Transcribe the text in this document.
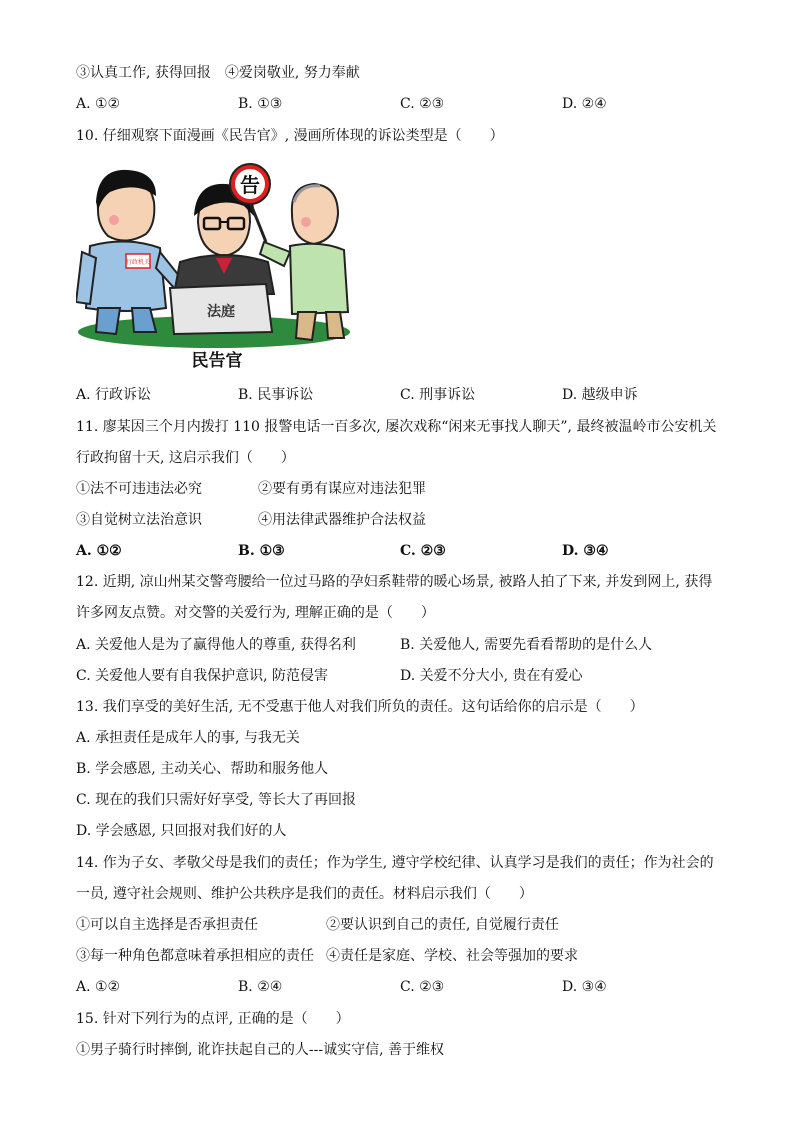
③认真工作, 获得回报　④爱岗敬业, 努力奉献
A. ①②	B. ①③	C. ②③	D. ②④
10. 仔细观察下面漫画《民告官》, 漫画所体现的诉讼类型是（　　）
行政机关
法庭
告
民告官
A. 行政诉讼	B. 民事诉讼	C. 刑事诉讼	D. 越级申诉
11. 廖某因三个月内拨打 110 报警电话一百多次, 屡次戏称“闲来无事找人聊天”, 最终被温岭市公安机关
行政拘留十天, 这启示我们（　　）
①法不可违违法必究	②要有勇有谋应对违法犯罪
③自觉树立法治意识	④用法律武器维护合法权益
A. ①②	B. ①③	C. ②③	D. ③④
12. 近期, 凉山州某交警弯腰给一位过马路的孕妇系鞋带的暖心场景, 被路人拍了下来, 并发到网上, 获得
许多网友点赞。对交警的关爱行为, 理解正确的是（　　）
A. 关爱他人是为了赢得他人的尊重, 获得名利	B. 关爱他人, 需要先看看帮助的是什么人
C. 关爱他人要有自我保护意识, 防范侵害	D. 关爱不分大小, 贵在有爱心
13. 我们享受的美好生活, 无不受惠于他人对我们所负的责任。这句话给你的启示是（　　）
A. 承担责任是成年人的事, 与我无关
B. 学会感恩, 主动关心、帮助和服务他人
C. 现在的我们只需好好享受, 等长大了再回报
D. 学会感恩, 只回报对我们好的人
14. 作为子女、孝敬父母是我们的责任；作为学生, 遵守学校纪律、认真学习是我们的责任；作为社会的
一员, 遵守社会规则、维护公共秩序是我们的责任。材料启示我们（　　）
①可以自主选择是否承担责任	②要认识到自己的责任, 自觉履行责任
③每一种角色都意味着承担相应的责任 ④责任是家庭、学校、社会等强加的要求
A. ①②	B. ②④	C. ②③	D. ③④
15. 针对下列行为的点评, 正确的是（　　）
①男子骑行时摔倒, 讹诈扶起自己的人---诚实守信, 善于维权
